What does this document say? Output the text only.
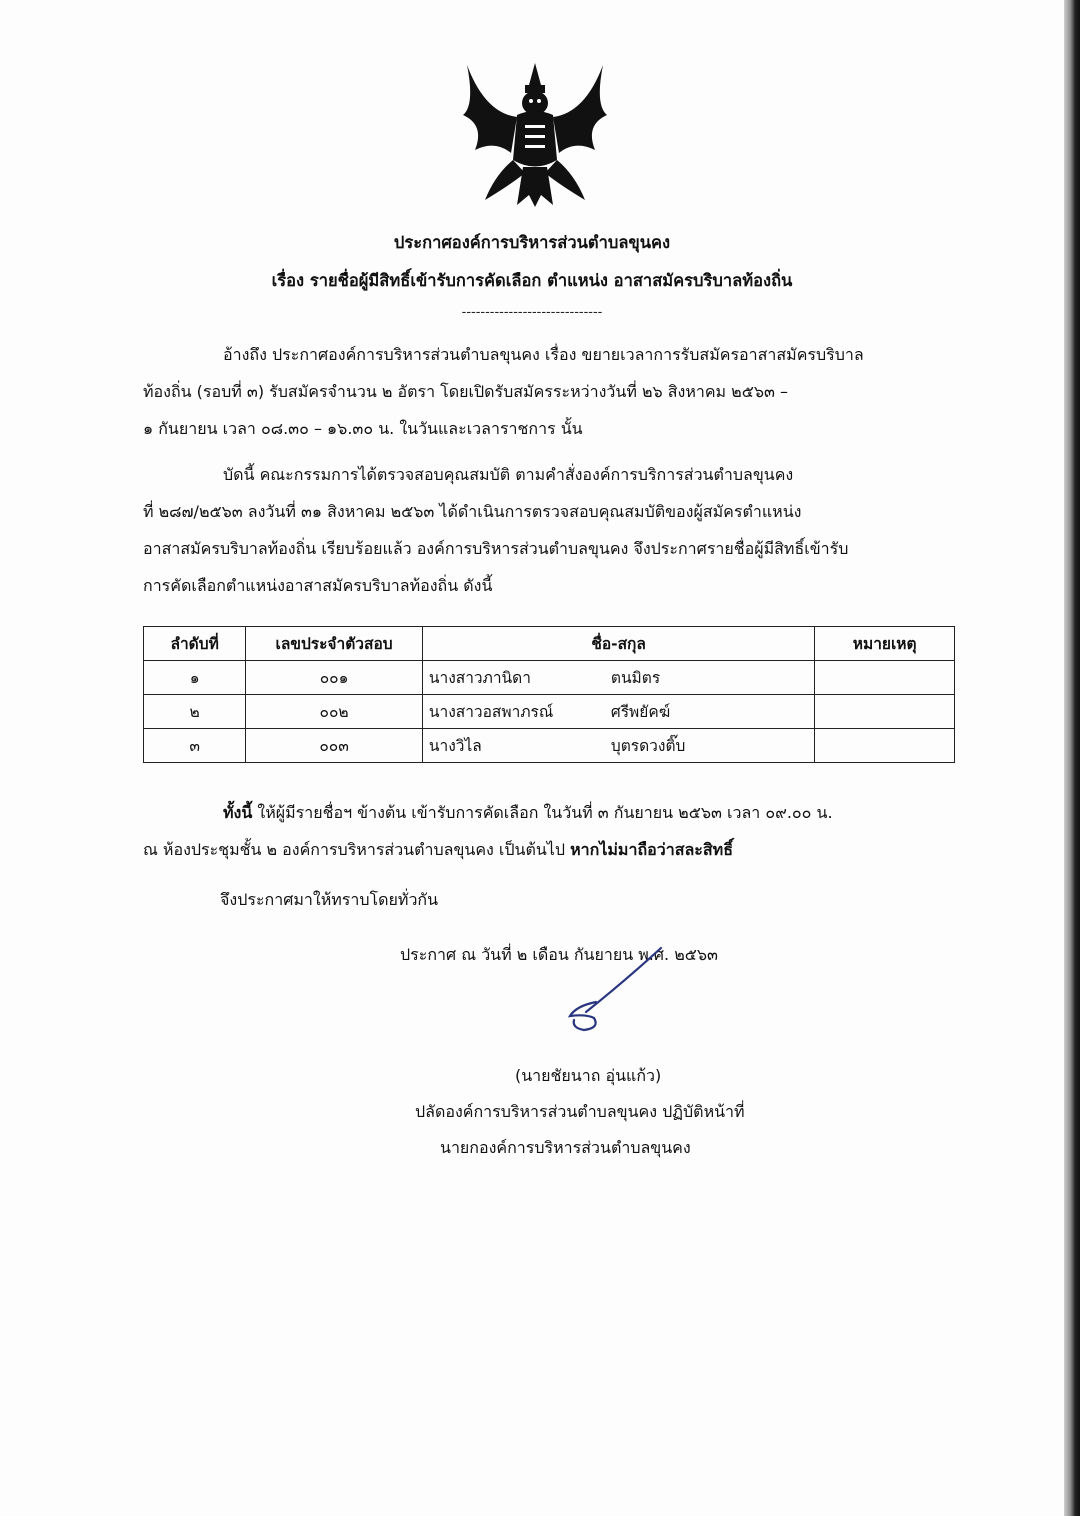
ประกาศองค์การบริหารส่วนตำบลขุนคง
เรื่อง รายชื่อผู้มีสิทธิ์เข้ารับการคัดเลือก ตำแหน่ง อาสาสมัครบริบาลท้องถิ่น
------------------------------
อ้างถึง ประกาศองค์การบริหารส่วนตำบลขุนคง เรื่อง ขยายเวลาการรับสมัครอาสาสมัครบริบาล
ท้องถิ่น (รอบที่ ๓) รับสมัครจำนวน ๒ อัตรา โดยเปิดรับสมัครระหว่างวันที่ ๒๖ สิงหาคม ๒๕๖๓ –
๑ กันยายน เวลา ๐๘.๓๐ – ๑๖.๓๐ น. ในวันและเวลาราชการ นั้น
บัดนี้ คณะกรรมการได้ตรวจสอบคุณสมบัติ ตามคำสั่งองค์การบริการส่วนตำบลขุนคง
ที่ ๒๘๗/๒๕๖๓ ลงวันที่ ๓๑ สิงหาคม ๒๕๖๓ ได้ดำเนินการตรวจสอบคุณสมบัติของผู้สมัครตำแหน่ง
อาสาสมัครบริบาลท้องถิ่น เรียบร้อยแล้ว องค์การบริหารส่วนตำบลขุนคง จึงประกาศรายชื่อผู้มีสิทธิ์เข้ารับ
การคัดเลือกตำแหน่งอาสาสมัครบริบาลท้องถิ่น ดังนี้
ลำดับที่	เลขประจำตัวสอบ	ชื่อ-สกุล	หมายเหตุ
๑	๐๐๑	นางสาวภานิดา ตนมิตร	
๒	๐๐๒	นางสาวอสพาภรณ์ ศรีพยัคฆ์	
๓	๐๐๓	นางวิไล บุตรดวงติ๊บ	
ทั้งนี้ ให้ผู้มีรายชื่อฯ ข้างต้น เข้ารับการคัดเลือก ในวันที่ ๓ กันยายน ๒๕๖๓ เวลา ๐๙.๐๐ น.
ณ ห้องประชุมชั้น ๒ องค์การบริหารส่วนตำบลขุนคง เป็นต้นไป หากไม่มาถือว่าสละสิทธิ์
จึงประกาศมาให้ทราบโดยทั่วกัน
ประกาศ ณ วันที่ ๒ เดือน กันยายน พ.ศ. ๒๕๖๓
(นายชัยนาถ อุ่นแก้ว)
ปลัดองค์การบริหารส่วนตำบลขุนคง ปฏิบัติหน้าที่
นายกองค์การบริหารส่วนตำบลขุนคง
